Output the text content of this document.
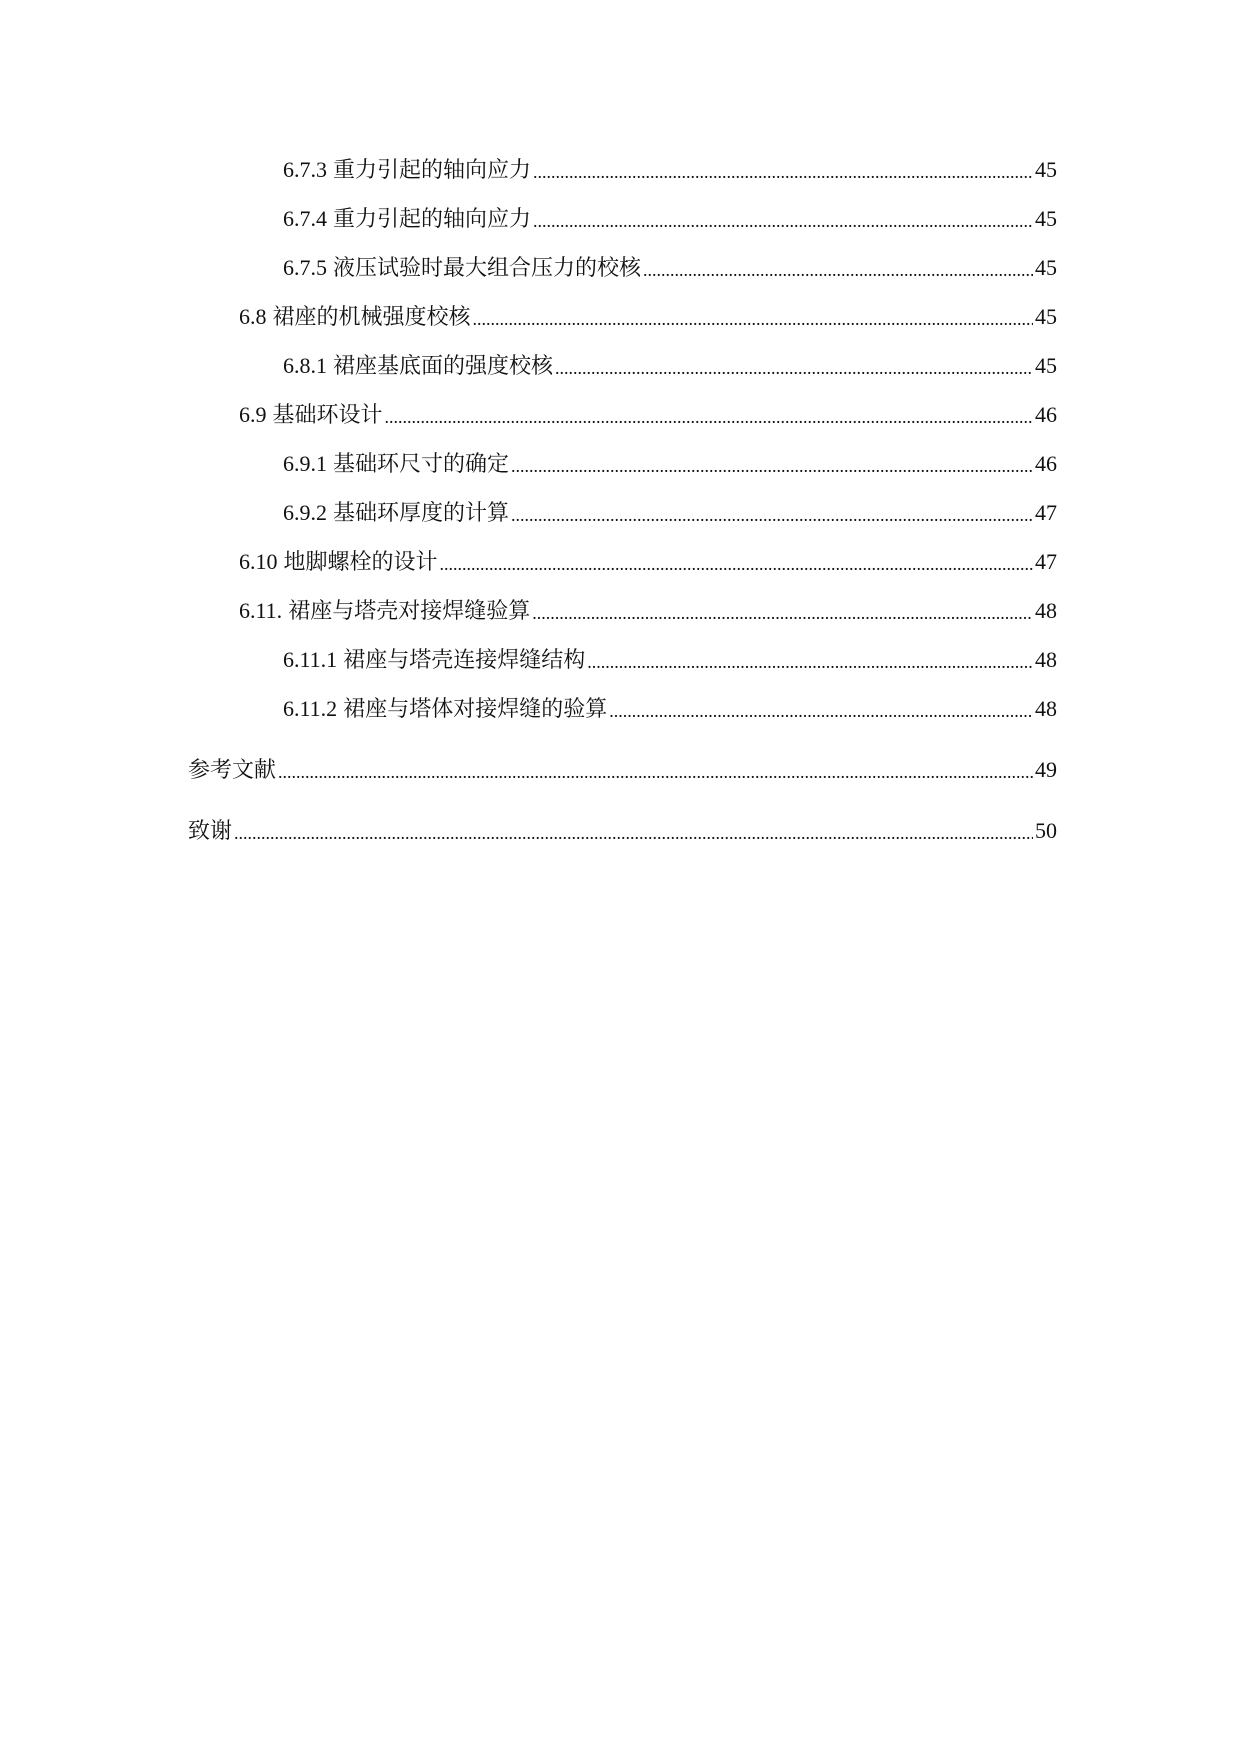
6.7.3 重力引起的轴向应力 .....	45
6.7.4 重力引起的轴向应力 .....	45
6.7.5 液压试验时最大组合压力的校核 .....	45
6.8 裙座的机械强度校核 .....	45
6.8.1 裙座基底面的强度校核 .....	45
6.9 基础环设计 .....	46
6.9.1 基础环尺寸的确定 .....	46
6.9.2 基础环厚度的计算 .....	47
6.10 地脚螺栓的设计 .....	47
6.11. 裙座与塔壳对接焊缝验算 .....	48
6.11.1 裙座与塔壳连接焊缝结构 .....	48
6.11.2 裙座与塔体对接焊缝的验算 .....	48
参考文献 .....	49
致谢 .....	50
